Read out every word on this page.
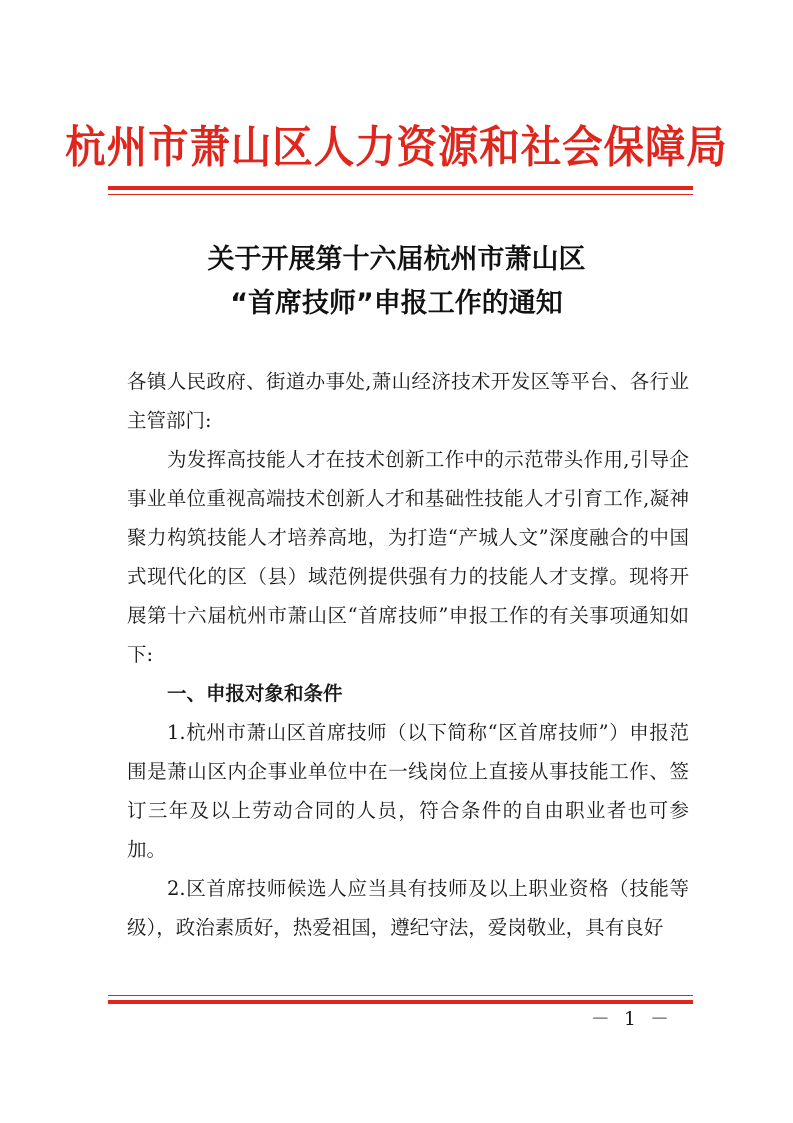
杭州市萧山区人力资源和社会保障局
关于开展第十六届杭州市萧山区
“首席技师”申报工作的通知

各镇人民政府、街道办事处,萧山经济技术开发区等平台、各行业主管部门:

为发挥高技能人才在技术创新工作中的示范带头作用,引导企事业单位重视高端技术创新人才和基础性技能人才引育工作,凝神聚力构筑技能人才培养高地，为打造“产城人文”深度融合的中国式现代化的区（县）域范例提供强有力的技能人才支撑。现将开展第十六届杭州市萧山区“首席技师”申报工作的有关事项通知如下:

一、申报对象和条件

1.杭州市萧山区首席技师（以下简称“区首席技师”）申报范围是萧山区内企事业单位中在一线岗位上直接从事技能工作、签订三年及以上劳动合同的人员，符合条件的自由职业者也可参加。

2.区首席技师候选人应当具有技师及以上职业资格（技能等级），政治素质好，热爱祖国，遵纪守法，爱岗敬业，具有良好

－ 1 －
